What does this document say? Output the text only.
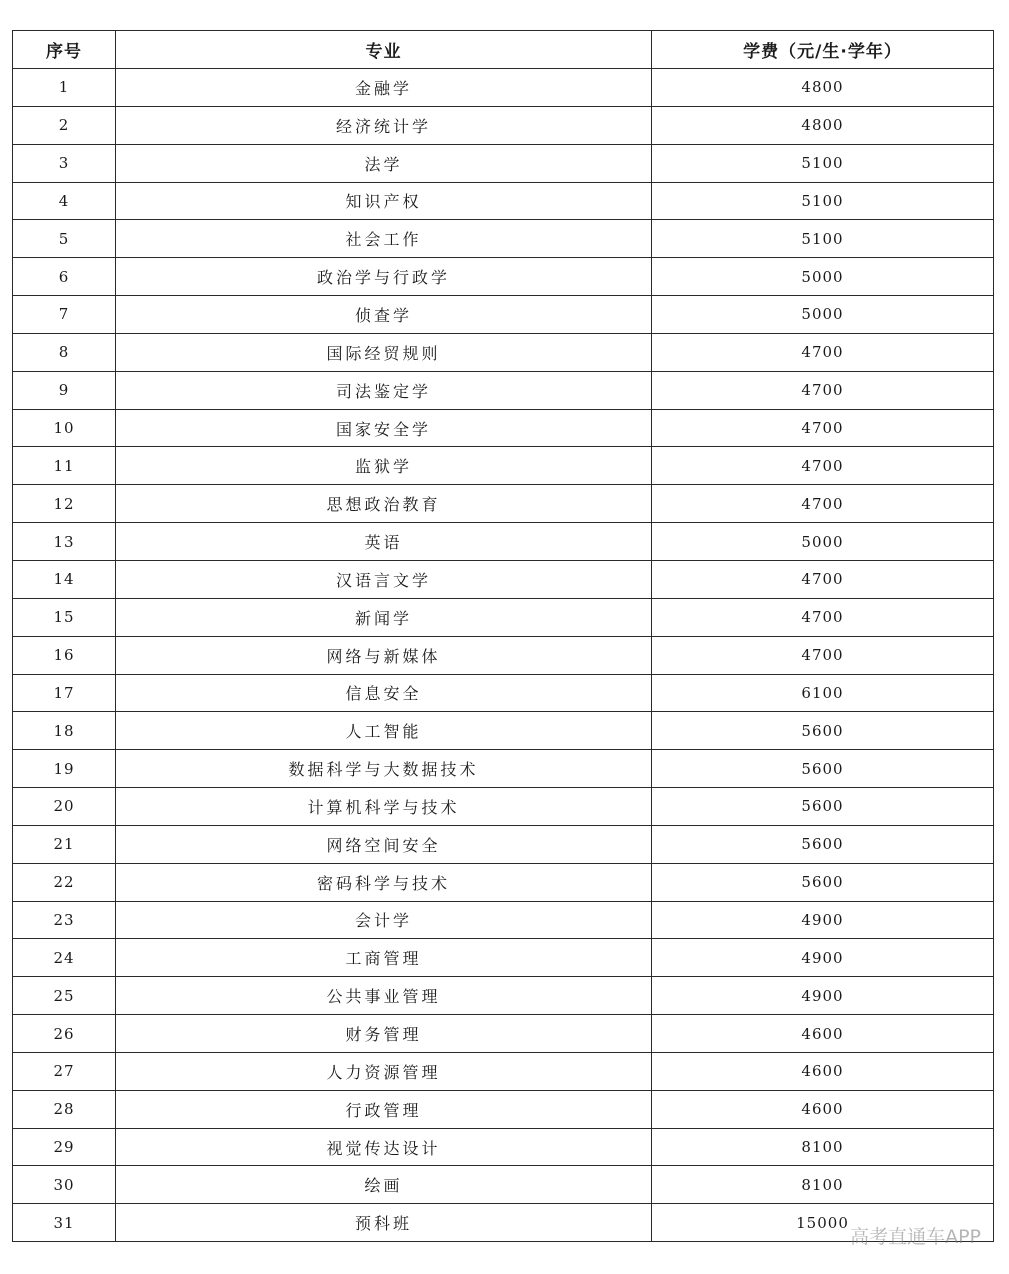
序号	专业	学费（元/生·学年）
1	金融学	4800
2	经济统计学	4800
3	法学	5100
4	知识产权	5100
5	社会工作	5100
6	政治学与行政学	5000
7	侦查学	5000
8	国际经贸规则	4700
9	司法鉴定学	4700
10	国家安全学	4700
11	监狱学	4700
12	思想政治教育	4700
13	英语	5000
14	汉语言文学	4700
15	新闻学	4700
16	网络与新媒体	4700
17	信息安全	6100
18	人工智能	5600
19	数据科学与大数据技术	5600
20	计算机科学与技术	5600
21	网络空间安全	5600
22	密码科学与技术	5600
23	会计学	4900
24	工商管理	4900
25	公共事业管理	4900
26	财务管理	4600
27	人力资源管理	4600
28	行政管理	4600
29	视觉传达设计	8100
30	绘画	8100
31	预科班	15000
高考直通车APP
